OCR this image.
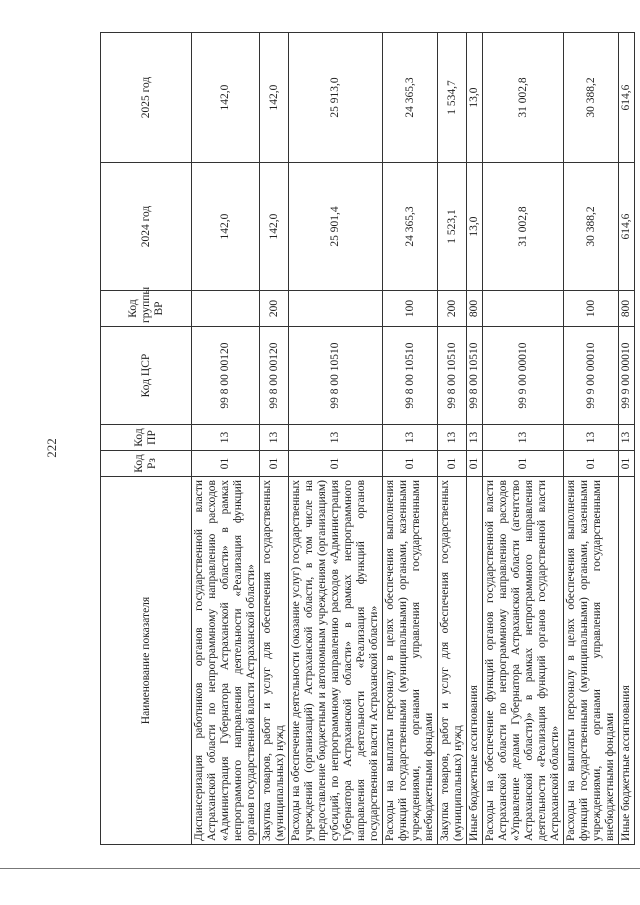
222
Наименование показателя	Код Рз	Код ПР	Код ЦСР	Код группы ВР	2024 год	2025 год
Диспансеризация работников органов государственной власти Астраханской области по непрограммному направлению расходов «Администрация Губернатора Астраханской области» в рамках непрограммного направления деятельности «Реализация функций органов государственной власти Астраханской области»	01	13	99 8 00 00120		142,0	142,0
Закупка товаров, работ и услуг для обеспечения государственных (муниципальных) нужд	01	13	99 8 00 00120	200	142,0	142,0
Расходы на обеспечение деятельности (оказание услуг) государственных учреждений (организаций) Астраханской области, в том числе на предоставление бюджетным и автономным учреждениям (организациям) субсидий, по непрограммному направлению расходов «Администрация Губернатора Астраханской области» в рамках непрограммного направления деятельности «Реализация функций органов государственной власти Астраханской области»	01	13	99 8 00 10510		25 901,4	25 913,0
Расходы на выплаты персоналу в целях обеспечения выполнения функций государственными (муниципальными) органами, казенными учреждениями, органами управления государственными внебюджетными фондами	01	13	99 8 00 10510	100	24 365,3	24 365,3
Закупка товаров, работ и услуг для обеспечения государственных (муниципальных) нужд	01	13	99 8 00 10510	200	1 523,1	1 534,7
Иные бюджетные ассигнования	01	13	99 8 00 10510	800	13,0	13,0
Расходы на обеспечение функций органов государственной власти Астраханской области по непрограммному направлению расходов «Управление делами Губернатора Астраханской области (агентство Астраханской области)» в рамках непрограммного направления деятельности «Реализация функций органов государственной власти Астраханской области»	01	13	99 9 00 00010		31 002,8	31 002,8
Расходы на выплаты персоналу в целях обеспечения выполнения функций государственными (муниципальными) органами, казенными учреждениями, органами управления государственными внебюджетными фондами	01	13	99 9 00 00010	100	30 388,2	30 388,2
Иные бюджетные ассигнования	01	13	99 9 00 00010	800	614,6	614,6
